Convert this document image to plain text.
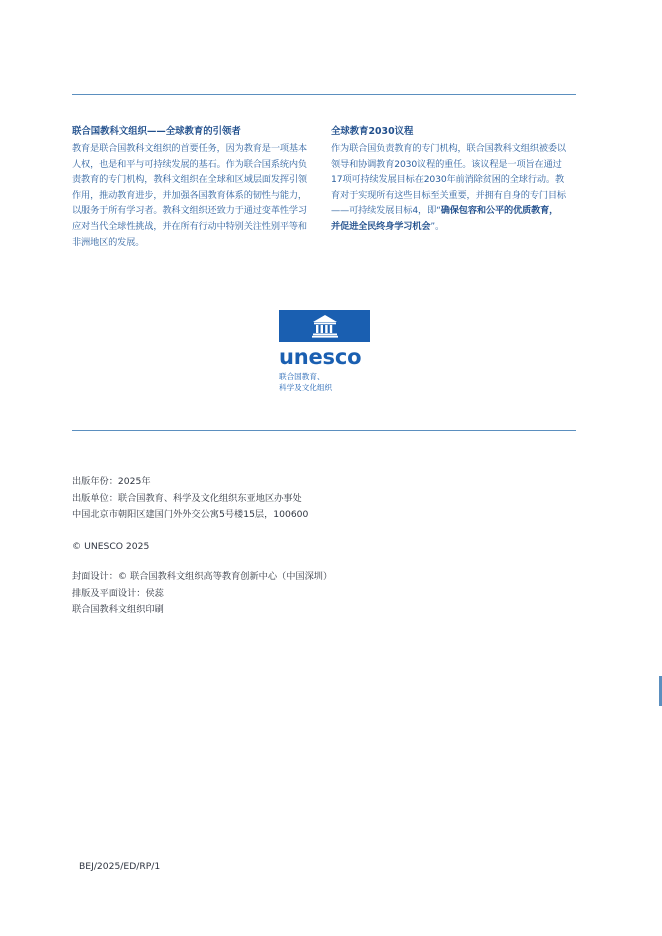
联合国教科文组织——全球教育的引领者

教育是联合国教科文组织的首要任务，因为教育是一项基本人权，也是和平与可持续发展的基石。作为联合国系统内负责教育的专门机构，教科文组织在全球和区域层面发挥引领作用，推动教育进步，并加强各国教育体系的韧性与能力，以服务于所有学习者。教科文组织还致力于通过变革性学习应对当代全球性挑战，并在所有行动中特别关注性别平等和非洲地区的发展。

全球教育2030议程

作为联合国负责教育的专门机构，联合国教科文组织被委以领导和协调教育2030议程的重任。该议程是一项旨在通过17项可持续发展目标在2030年前消除贫困的全球行动。教育对于实现所有这些目标至关重要，并拥有自身的专门目标——可持续发展目标4，即“确保包容和公平的优质教育，并促进全民终身学习机会”。

unesco
联合国教育、
科学及文化组织
出版年份：2025年
出版单位：联合国教育、科学及文化组织东亚地区办事处
中国北京市朝阳区建国门外外交公寓5号楼15层，100600
© UNESCO 2025
封面设计：© 联合国教科文组织高等教育创新中心（中国深圳）
排版及平面设计：侯蕊
联合国教科文组织印刷
BEJ/2025/ED/RP/1
